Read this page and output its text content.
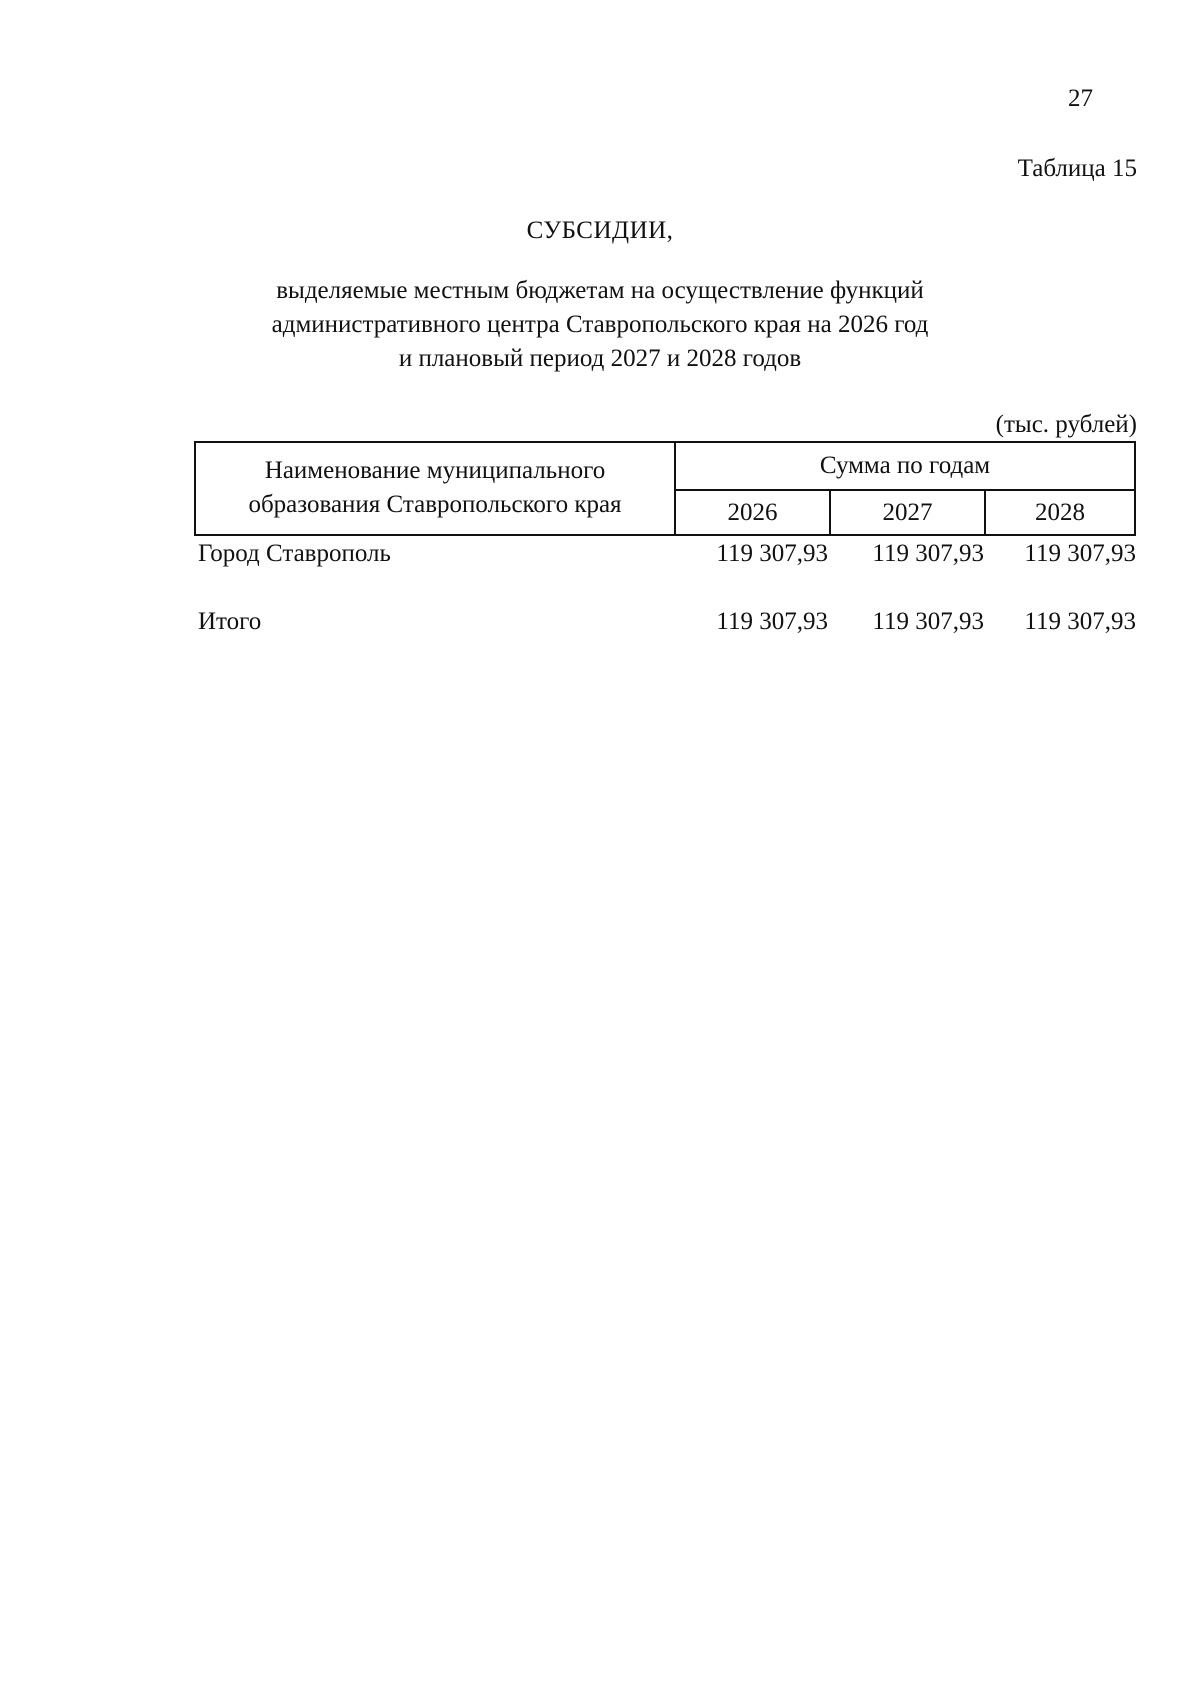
27
Таблица 15
СУБСИДИИ,
выделяемые местным бюджетам на осуществление функций
административного центра Ставропольского края на 2026 год
и плановый период 2027 и 2028 годов
(тыс. рублей)
Наименование муниципального
образования Ставропольского края
Сумма по годам
2026	2027	2028
Город Ставрополь	119 307,93	119 307,93	119 307,93
Итого	119 307,93	119 307,93	119 307,93
